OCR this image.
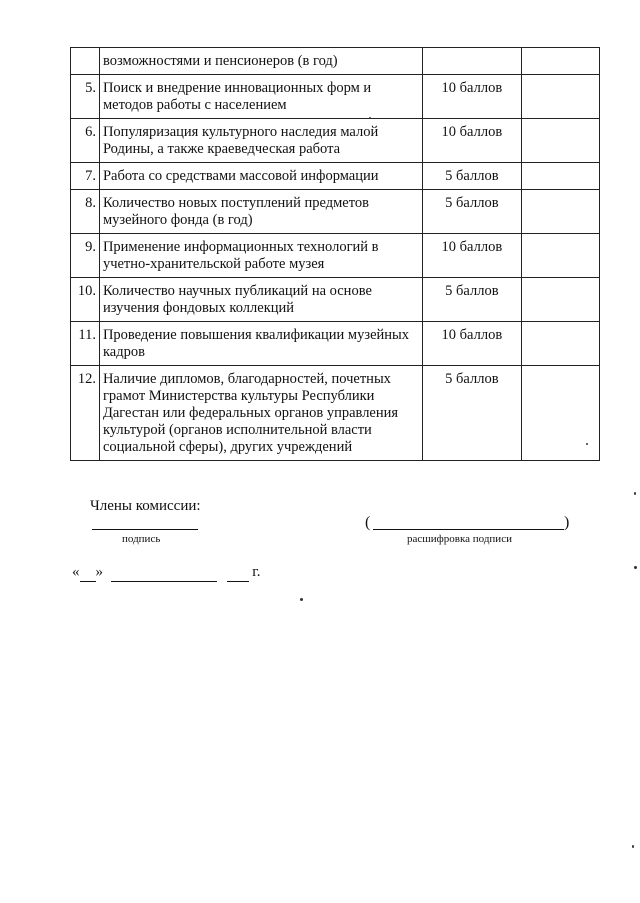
	возможностями и пенсионеров (в год)		
5.	Поиск и внедрение инновационных форм и методов работы с населением	10 баллов	
6.	Популяризация культурного наследия малой Родины, а также краеведческая работа	10 баллов	
7.	Работа со средствами массовой информации	5 баллов	
8.	Количество новых поступлений предметов музейного фонда (в год)	5 баллов	
9.	Применение информационных технологий в учетно-хранительской работе музея	10 баллов	
10.	Количество научных публикаций на основе изучения фондовых коллекций	5 баллов	
11.	Проведение повышения квалификации музейных кадров	10 баллов	
12.	Наличие дипломов, благодарностей, почетных грамот Министерства культуры Республики Дагестан или федеральных органов управления культурой (органов исполнительной власти социальной сферы), других учреждений	5 баллов	
Члены комиссии:
подпись
(	)
расшифровка подписи
« »	г.
